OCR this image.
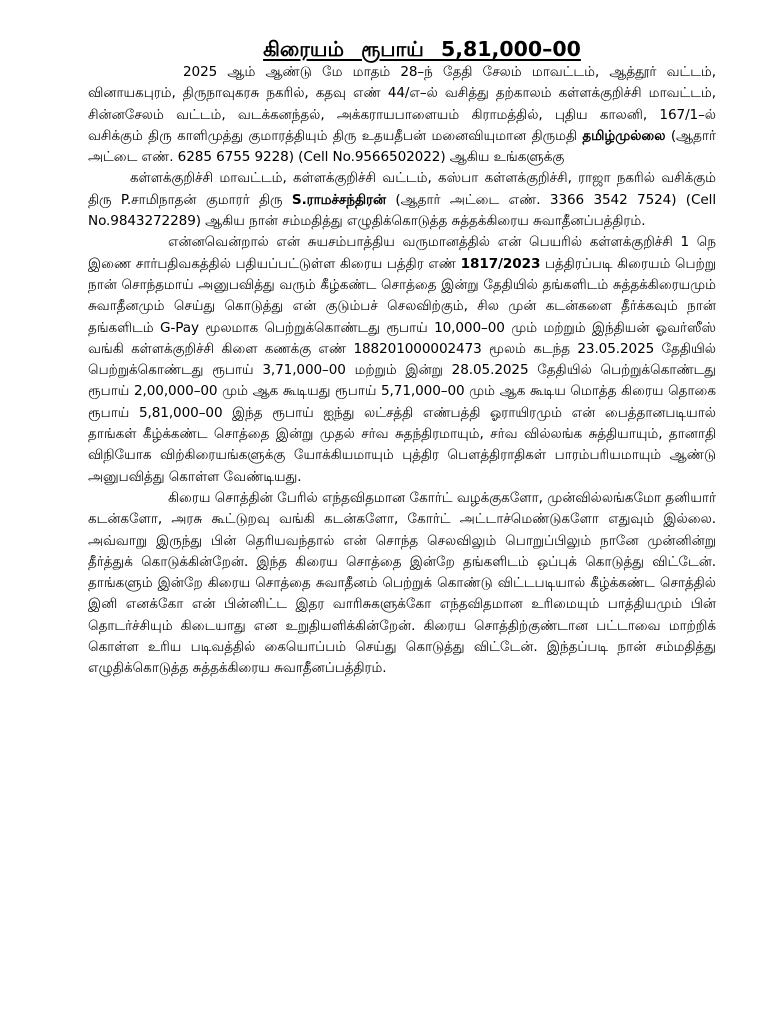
கிரையம் ரூபாய் 5,81,000–00

2025 ஆம் ஆண்டு மே மாதம் 28–ந் தேதி சேலம் மாவட்டம், ஆத்தூர் வட்டம், வினாயகபுரம், திருநாவுகரசு நகரில், கதவு எண் 44/எ–ல் வசித்து தற்காலம் கள்ளக்குறிச்சி மாவட்டம், சின்னசேலம் வட்டம், வடக்கனந்தல், அக்கராயபாளையம் கிராமத்தில், புதிய காலனி, 167/1–ல் வசிக்கும் திரு காளிமுத்து குமாரத்தியும் திரு உதயதீபன் மனைவியுமான திருமதி தமிழ்முல்லை (ஆதார் அட்டை எண். 6285 6755 9228) (Cell No.9566502022) ஆகிய உங்களுக்கு

கள்ளக்குறிச்சி மாவட்டம், கள்ளக்குறிச்சி வட்டம், கஸ்பா கள்ளக்குறிச்சி, ராஜா நகரில் வசிக்கும் திரு P.சாமிநாதன் குமாரர் திரு S.ராமச்சந்திரன் (ஆதார் அட்டை எண். 3366 3542 7524) (Cell No.9843272289) ஆகிய நான் சம்மதித்து எழுதிக்கொடுத்த சுத்தக்கிரைய சுவாதீனப்பத்திரம்.

என்னவென்றால் என் சுயசம்பாத்திய வருமானத்தில் என் பெயரில் கள்ளக்குறிச்சி 1 நெ இணை சார்பதிவகத்தில் பதியப்பட்டுள்ள கிரைய பத்திர எண் 1817/2023 பத்திரப்படி கிரையம் பெற்று நான் சொந்தமாய் அனுபவித்து வரும் கீழ்கண்ட சொத்தை இன்று தேதியில் தங்களிடம் சுத்தக்கிரையமும் சுவாதீனமும் செய்து கொடுத்து என் குடும்பச் செலவிற்கும், சில முன் கடன்களை தீர்க்கவும் நான் தங்களிடம் G-Pay மூலமாக பெற்றுக்கொண்டது ரூபாய் 10,000–00 மும் மற்றும் இந்தியன் ஓவர்ஸீஸ் வங்கி கள்ளக்குறிச்சி கிளை கணக்கு எண் 188201000002473 மூலம் கடந்த 23.05.2025 தேதியில் பெற்றுக்கொண்டது ரூபாய் 3,71,000–00 மற்றும் இன்று 28.05.2025 தேதியில் பெற்றுக்கொண்டது ரூபாய் 2,00,000–00 மும் ஆக கூடியது ரூபாய் 5,71,000–00 மும் ஆக கூடிய மொத்த கிரைய தொகை ரூபாய் 5,81,000–00 இந்த ரூபாய் ஐந்து லட்சத்தி எண்பத்தி ஓராயிரமும் என் பைத்தானபடியால் தாங்கள் கீழ்க்கண்ட சொத்தை இன்று முதல் சர்வ சுதந்திரமாயும், சர்வ வில்லங்க சுத்தியாயும், தானாதி விநியோக விற்கிரையங்களுக்கு யோக்கியமாயும் புத்திர பௌத்திராதிகள் பாரம்பரியமாயும் ஆண்டு அனுபவித்து கொள்ள வேண்டியது.

கிரைய சொத்தின் பேரில் எந்தவிதமான கோர்ட் வழக்குகளோ, முன்வில்லங்கமோ தனியார் கடன்களோ, அரசு கூட்டுறவு வங்கி கடன்களோ, கோர்ட் அட்டாச்மெண்டுகளோ எதுவும் இல்லை. அவ்வாறு இருந்து பின் தெரியவந்தால் என் சொந்த செலவிலும் பொறுப்பிலும் நானே முன்னின்று தீர்த்துக் கொடுக்கின்றேன். இந்த கிரைய சொத்தை இன்றே தங்களிடம் ஒப்புக் கொடுத்து விட்டேன். தாங்களும் இன்றே கிரைய சொத்தை சுவாதீனம் பெற்றுக் கொண்டு விட்டபடியால் கீழ்க்கண்ட சொத்தில் இனி எனக்கோ என் பின்னிட்ட இதர வாரிசுகளுக்கோ எந்தவிதமான உரிமையும் பாத்தியமும் பின் தொடர்ச்சியும் கிடையாது என உறுதியளிக்கின்றேன். கிரைய சொத்திற்குண்டான பட்டாவை மாற்றிக் கொள்ள உரிய படிவத்தில் கையொப்பம் செய்து கொடுத்து விட்டேன். இந்தப்படி நான் சம்மதித்து எழுதிக்கொடுத்த சுத்தக்கிரைய சுவாதீனப்பத்திரம்.
